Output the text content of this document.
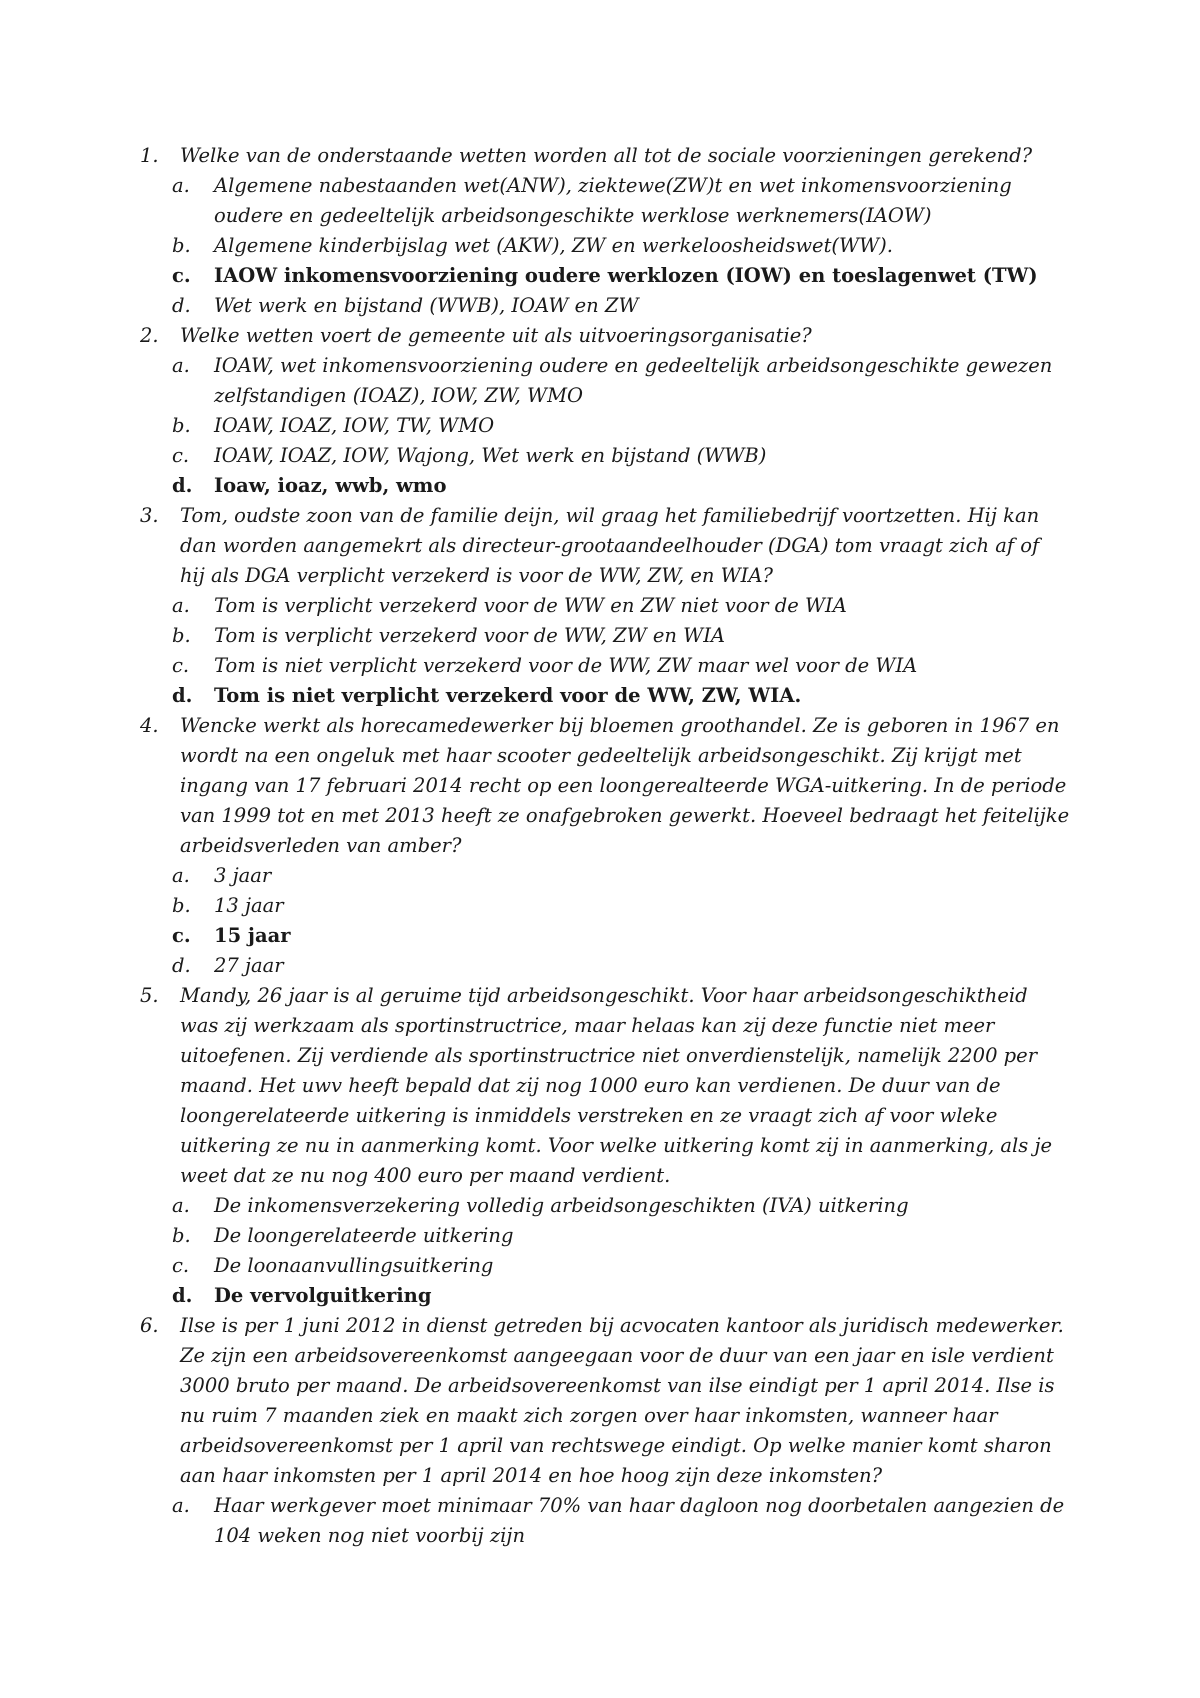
1.	Welke van de onderstaande wetten worden all tot de sociale voorzieningen gerekend?
a.	Algemene nabestaanden wet(ANW), ziektewe(ZW)t en wet inkomensvoorziening oudere en gedeeltelijk arbeidsongeschikte werklose werknemers(IAOW)
b.	Algemene kinderbijslag wet (AKW), ZW en werkeloosheidswet(WW).
c.	IAOW inkomensvoorziening oudere werklozen (IOW) en toeslagenwet (TW)
d.	Wet werk en bijstand (WWB), IOAW en ZW
2.	Welke wetten voert de gemeente uit als uitvoeringsorganisatie?
a.	IOAW, wet inkomensvoorziening oudere en gedeeltelijk arbeidsongeschikte gewezen zelfstandigen (IOAZ), IOW, ZW, WMO
b.	IOAW, IOAZ, IOW, TW, WMO
c.	IOAW, IOAZ, IOW, Wajong, Wet werk en bijstand (WWB)
d.	Ioaw, ioaz, wwb, wmo
3.	Tom, oudste zoon van de familie deijn, wil graag het familiebedrijf voortzetten. Hij kan dan worden aangemekrt als directeur-grootaandeelhouder (DGA) tom vraagt zich af of hij als DGA verplicht verzekerd is voor de WW, ZW, en WIA?
a.	Tom is verplicht verzekerd voor de WW en ZW niet voor de WIA
b.	Tom is verplicht verzekerd voor de WW, ZW en WIA
c.	Tom is niet verplicht verzekerd voor de WW, ZW maar wel voor de WIA
d.	Tom is niet verplicht verzekerd voor de WW, ZW, WIA.
4.	Wencke werkt als horecamedewerker bij bloemen groothandel. Ze is geboren in 1967 en wordt na een ongeluk met haar scooter gedeeltelijk arbeidsongeschikt. Zij krijgt met ingang van 17 februari 2014 recht op een loongerealteerde WGA-uitkering. In de periode van 1999 tot en met 2013 heeft ze onafgebroken gewerkt. Hoeveel bedraagt het feitelijke arbeidsverleden van amber?
a.	3 jaar
b.	13 jaar
c.	15 jaar
d.	27 jaar
5.	Mandy, 26 jaar is al geruime tijd arbeidsongeschikt. Voor haar arbeidsongeschiktheid was zij werkzaam als sportinstructrice, maar helaas kan zij deze functie niet meer uitoefenen. Zij verdiende als sportinstructrice niet onverdienstelijk, namelijk 2200 per maand. Het uwv heeft bepald dat zij nog 1000 euro kan verdienen. De duur van de loongerelateerde uitkering is inmiddels verstreken en ze vraagt zich af voor wleke uitkering ze nu in aanmerking komt. Voor welke uitkering komt zij in aanmerking, als je weet dat ze nu nog 400 euro per maand verdient.
a.	De inkomensverzekering volledig arbeidsongeschikten (IVA) uitkering
b.	De loongerelateerde uitkering
c.	De loonaanvullingsuitkering
d.	De vervolguitkering
6.	Ilse is per 1 juni 2012 in dienst getreden bij acvocaten kantoor als juridisch medewerker. Ze zijn een arbeidsovereenkomst aangeegaan voor de duur van een jaar en isle verdient 3000 bruto per maand. De arbeidsovereenkomst van ilse eindigt per 1 april 2014. Ilse is nu ruim 7 maanden ziek en maakt zich zorgen over haar inkomsten, wanneer haar arbeidsovereenkomst per 1 april van rechtswege eindigt. Op welke manier komt sharon aan haar inkomsten per 1 april 2014 en hoe hoog zijn deze inkomsten?
a.	Haar werkgever moet minimaar 70% van haar dagloon nog doorbetalen aangezien de 104 weken nog niet voorbij zijn
